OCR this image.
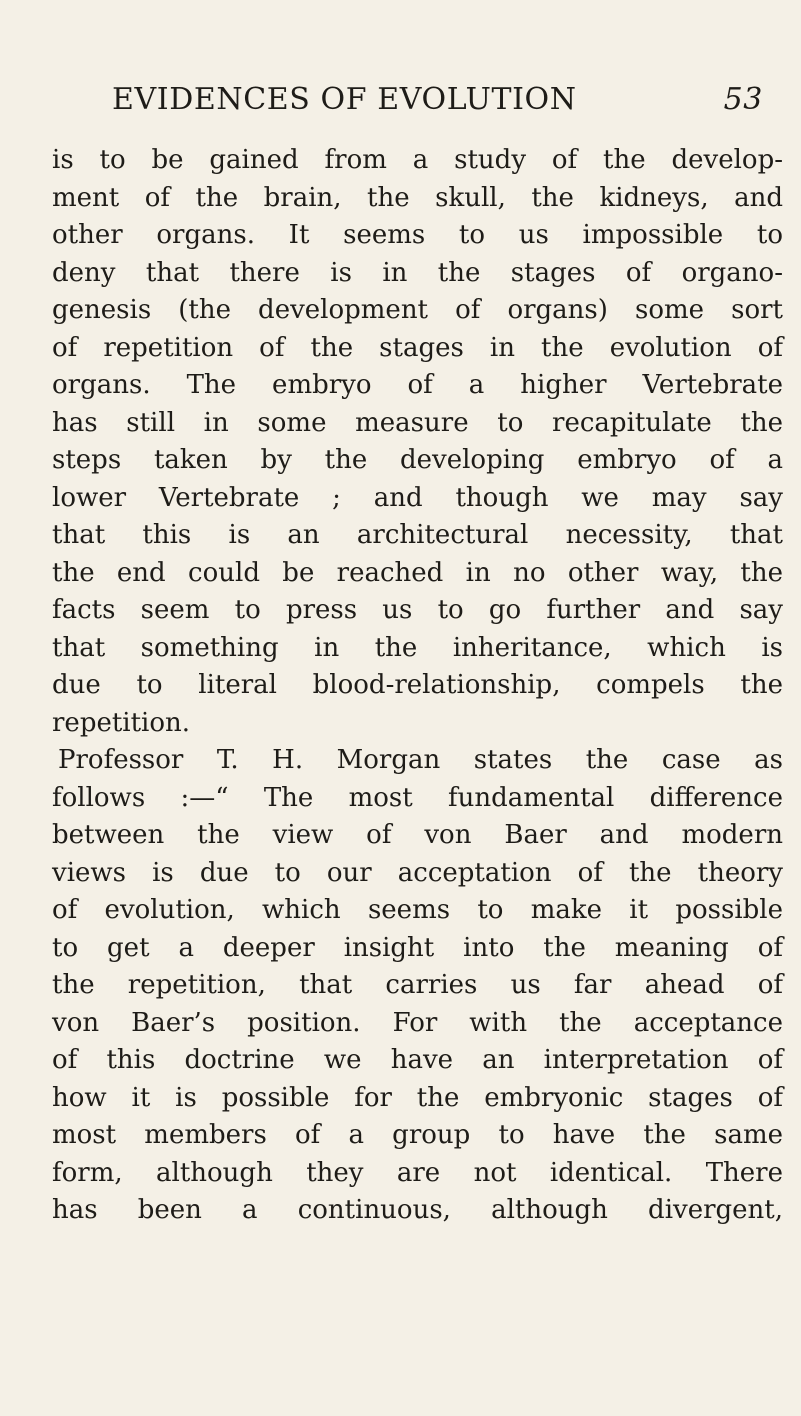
EVIDENCES OF EVOLUTION	53
is to be gained from a study of the develop-
ment of the brain, the skull, the kidneys, and
other organs. It seems to us impossible to
deny that there is in the stages of organo-
genesis (the development of organs) some sort
of repetition of the stages in the evolution of
organs. The embryo of a higher Vertebrate
has still in some measure to recapitulate the
steps taken by the developing embryo of a
lower Vertebrate ; and though we may say
that this is an architectural necessity, that
the end could be reached in no other way, the
facts seem to press us to go further and say
that something in the inheritance, which is
due to literal blood-relationship, compels the
repetition.
Professor T. H. Morgan states the case as
follows :—“ The most fundamental difference
between the view of von Baer and modern
views is due to our acceptation of the theory
of evolution, which seems to make it possible
to get a deeper insight into the meaning of
the repetition, that carries us far ahead of
von Baer’s position. For with the acceptance
of this doctrine we have an interpretation of
how it is possible for the embryonic stages of
most members of a group to have the same
form, although they are not identical. There
has been a continuous, although divergent,
